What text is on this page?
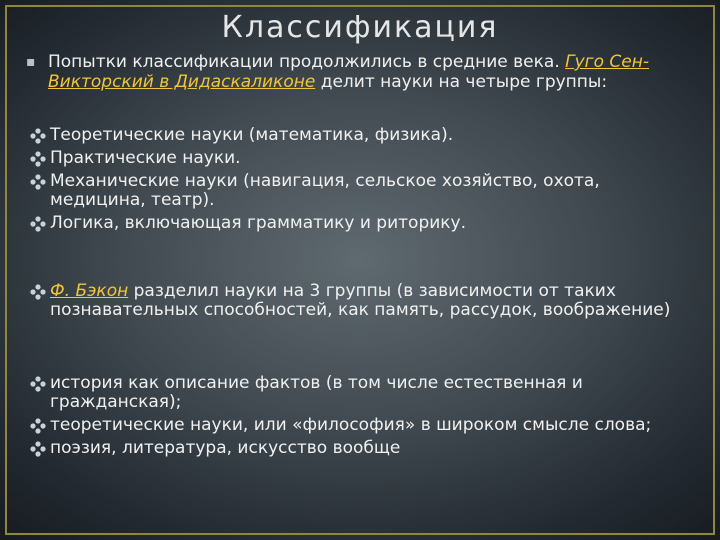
Классификация
▪ Попытки классификации продолжились в средние века. Гуго Сен-Викторский в Дидаскаликоне делит науки на четыре группы:

Теоретические науки (математика, физика).

Практические науки.

Механические науки (навигация, сельское хозяйство, охота, медицина, театр).

Логика, включающая грамматику и риторику.

Ф. Бэкон разделил науки на 3 группы (в зависимости от таких познавательных способностей, как память, рассудок, воображение)

история как описание фактов (в том числе естественная и гражданская);

теоретические науки, или «философия» в широком смысле слова;

поэзия, литература, искусство вообще
